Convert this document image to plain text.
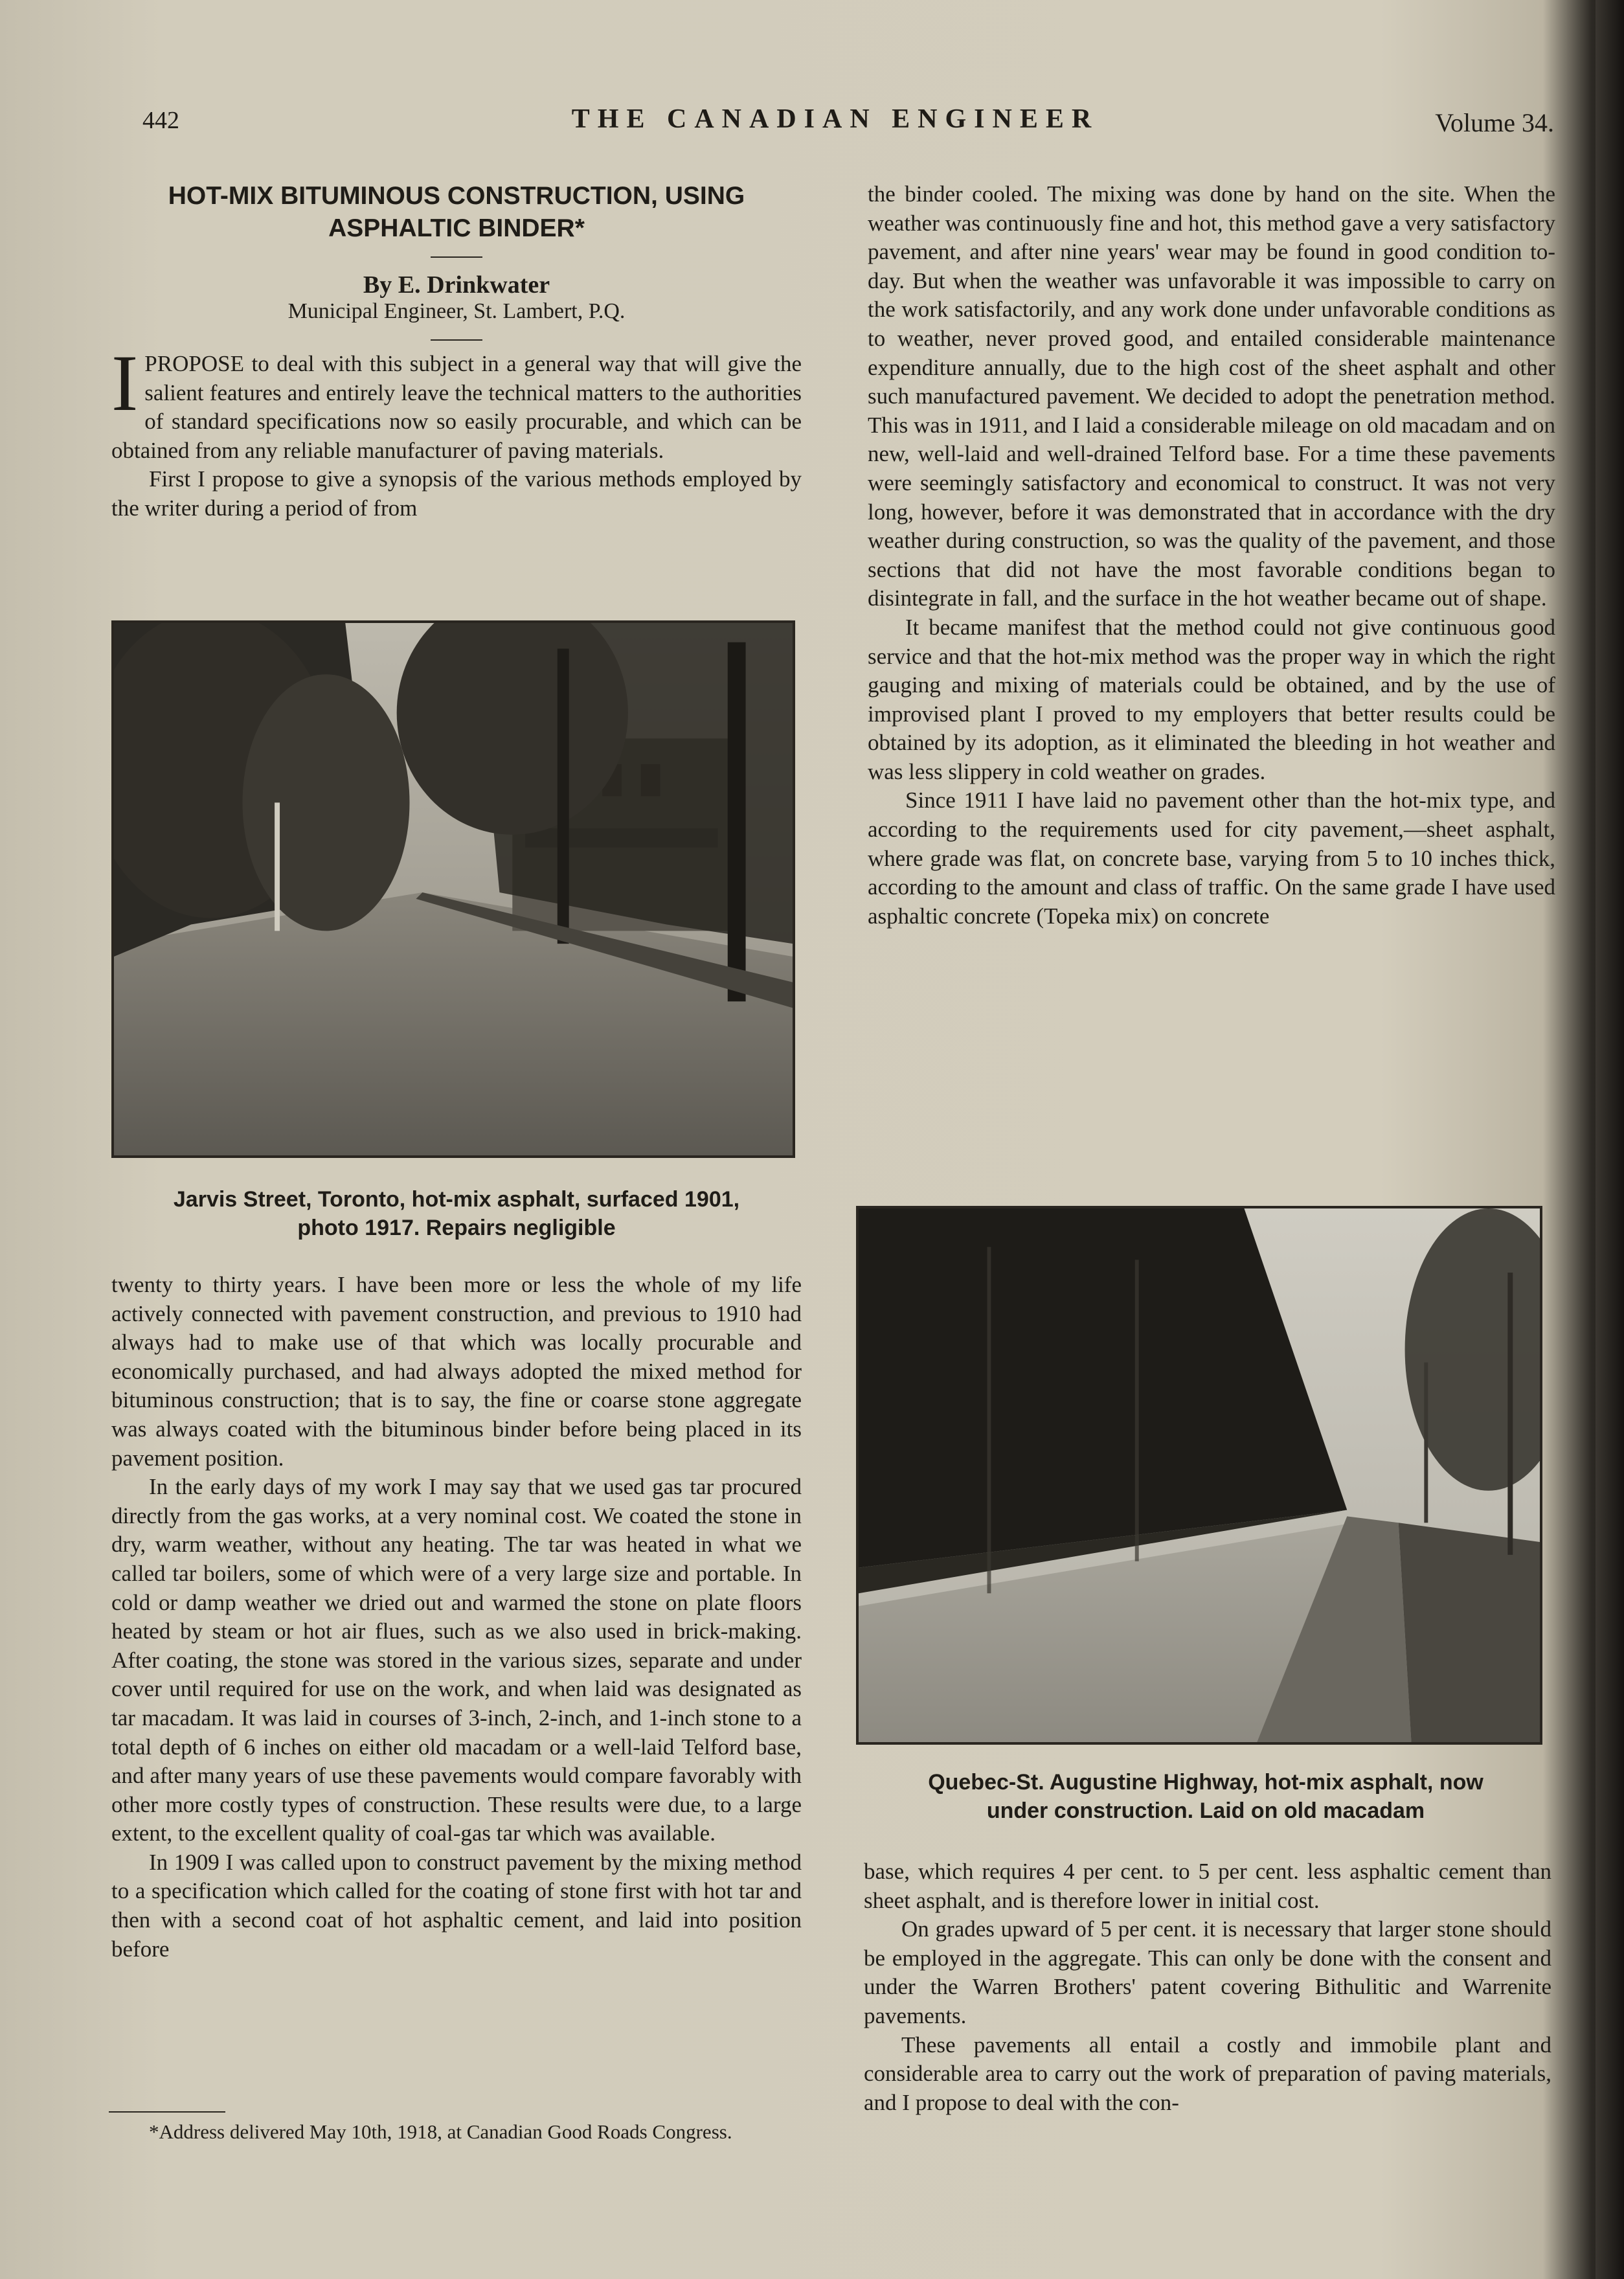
442	THE CANADIAN ENGINEER	Volume 34.
HOT-MIX BITUMINOUS CONSTRUCTION, USING
ASPHALTIC BINDER*
By E. Drinkwater
Municipal Engineer, St. Lambert, P.Q.

IPROPOSE to deal with this subject in a general way that will give the salient features and entirely leave the technical matters to the authorities of standard specifications now so easily procurable, and which can be obtained from any reliable manufacturer of paving materials.

First I propose to give a synopsis of the various methods employed by the writer during a period of from

Jarvis Street, Toronto, hot-mix asphalt, surfaced 1901,
photo 1917. Repairs negligible

twenty to thirty years. I have been more or less the whole of my life actively connected with pavement construction, and previous to 1910 had always had to make use of that which was locally procurable and economically purchased, and had always adopted the mixed method for bituminous construction; that is to say, the fine or coarse stone aggregate was always coated with the bituminous binder before being placed in its pavement position.

In the early days of my work I may say that we used gas tar procured directly from the gas works, at a very nominal cost. We coated the stone in dry, warm weather, without any heating. The tar was heated in what we called tar boilers, some of which were of a very large size and portable. In cold or damp weather we dried out and warmed the stone on plate floors heated by steam or hot air flues, such as we also used in brick-making. After coating, the stone was stored in the various sizes, separate and under cover until required for use on the work, and when laid was designated as tar macadam. It was laid in courses of 3-inch, 2-inch, and 1-inch stone to a total depth of 6 inches on either old macadam or a well-laid Telford base, and after many years of use these pavements would compare favorably with other more costly types of construction. These results were due, to a large extent, to the excellent quality of coal-gas tar which was available.

In 1909 I was called upon to construct pavement by the mixing method to a specification which called for the coating of stone first with hot tar and then with a second coat of hot asphaltic cement, and laid into position before

*Address delivered May 10th, 1918, at Canadian Good Roads Congress.

the binder cooled. The mixing was done by hand on the site. When the weather was continuously fine and hot, this method gave a very satisfactory pavement, and after nine years' wear may be found in good condition to-day. But when the weather was unfavorable it was impossible to carry on the work satisfactorily, and any work done under unfavorable conditions as to weather, never proved good, and entailed considerable maintenance expenditure annually, due to the high cost of the sheet asphalt and other such manufactured pavement. We decided to adopt the penetration method. This was in 1911, and I laid a considerable mileage on old macadam and on new, well-laid and well-drained Telford base. For a time these pavements were seemingly satisfactory and economical to construct. It was not very long, however, before it was demonstrated that in accordance with the dry weather during construction, so was the quality of the pavement, and those sections that did not have the most favorable conditions began to disintegrate in fall, and the surface in the hot weather became out of shape.

It became manifest that the method could not give continuous good service and that the hot-mix method was the proper way in which the right gauging and mixing of materials could be obtained, and by the use of improvised plant I proved to my employers that better results could be obtained by its adoption, as it eliminated the bleeding in hot weather and was less slippery in cold weather on grades.

Since 1911 I have laid no pavement other than the hot-mix type, and according to the requirements used for city pavement,—sheet asphalt, where grade was flat, on concrete base, varying from 5 to 10 inches thick, according to the amount and class of traffic. On the same grade I have used asphaltic concrete (Topeka mix) on concrete

Quebec-St. Augustine Highway, hot-mix asphalt, now
under construction. Laid on old macadam

base, which requires 4 per cent. to 5 per cent. less asphaltic cement than sheet asphalt, and is therefore lower in initial cost.

On grades upward of 5 per cent. it is necessary that larger stone should be employed in the aggregate. This can only be done with the consent and under the Warren Brothers' patent covering Bithulitic and Warrenite pavements.

These pavements all entail a costly and immobile plant and considerable area to carry out the work of preparation of paving materials, and I propose to deal with the con-
